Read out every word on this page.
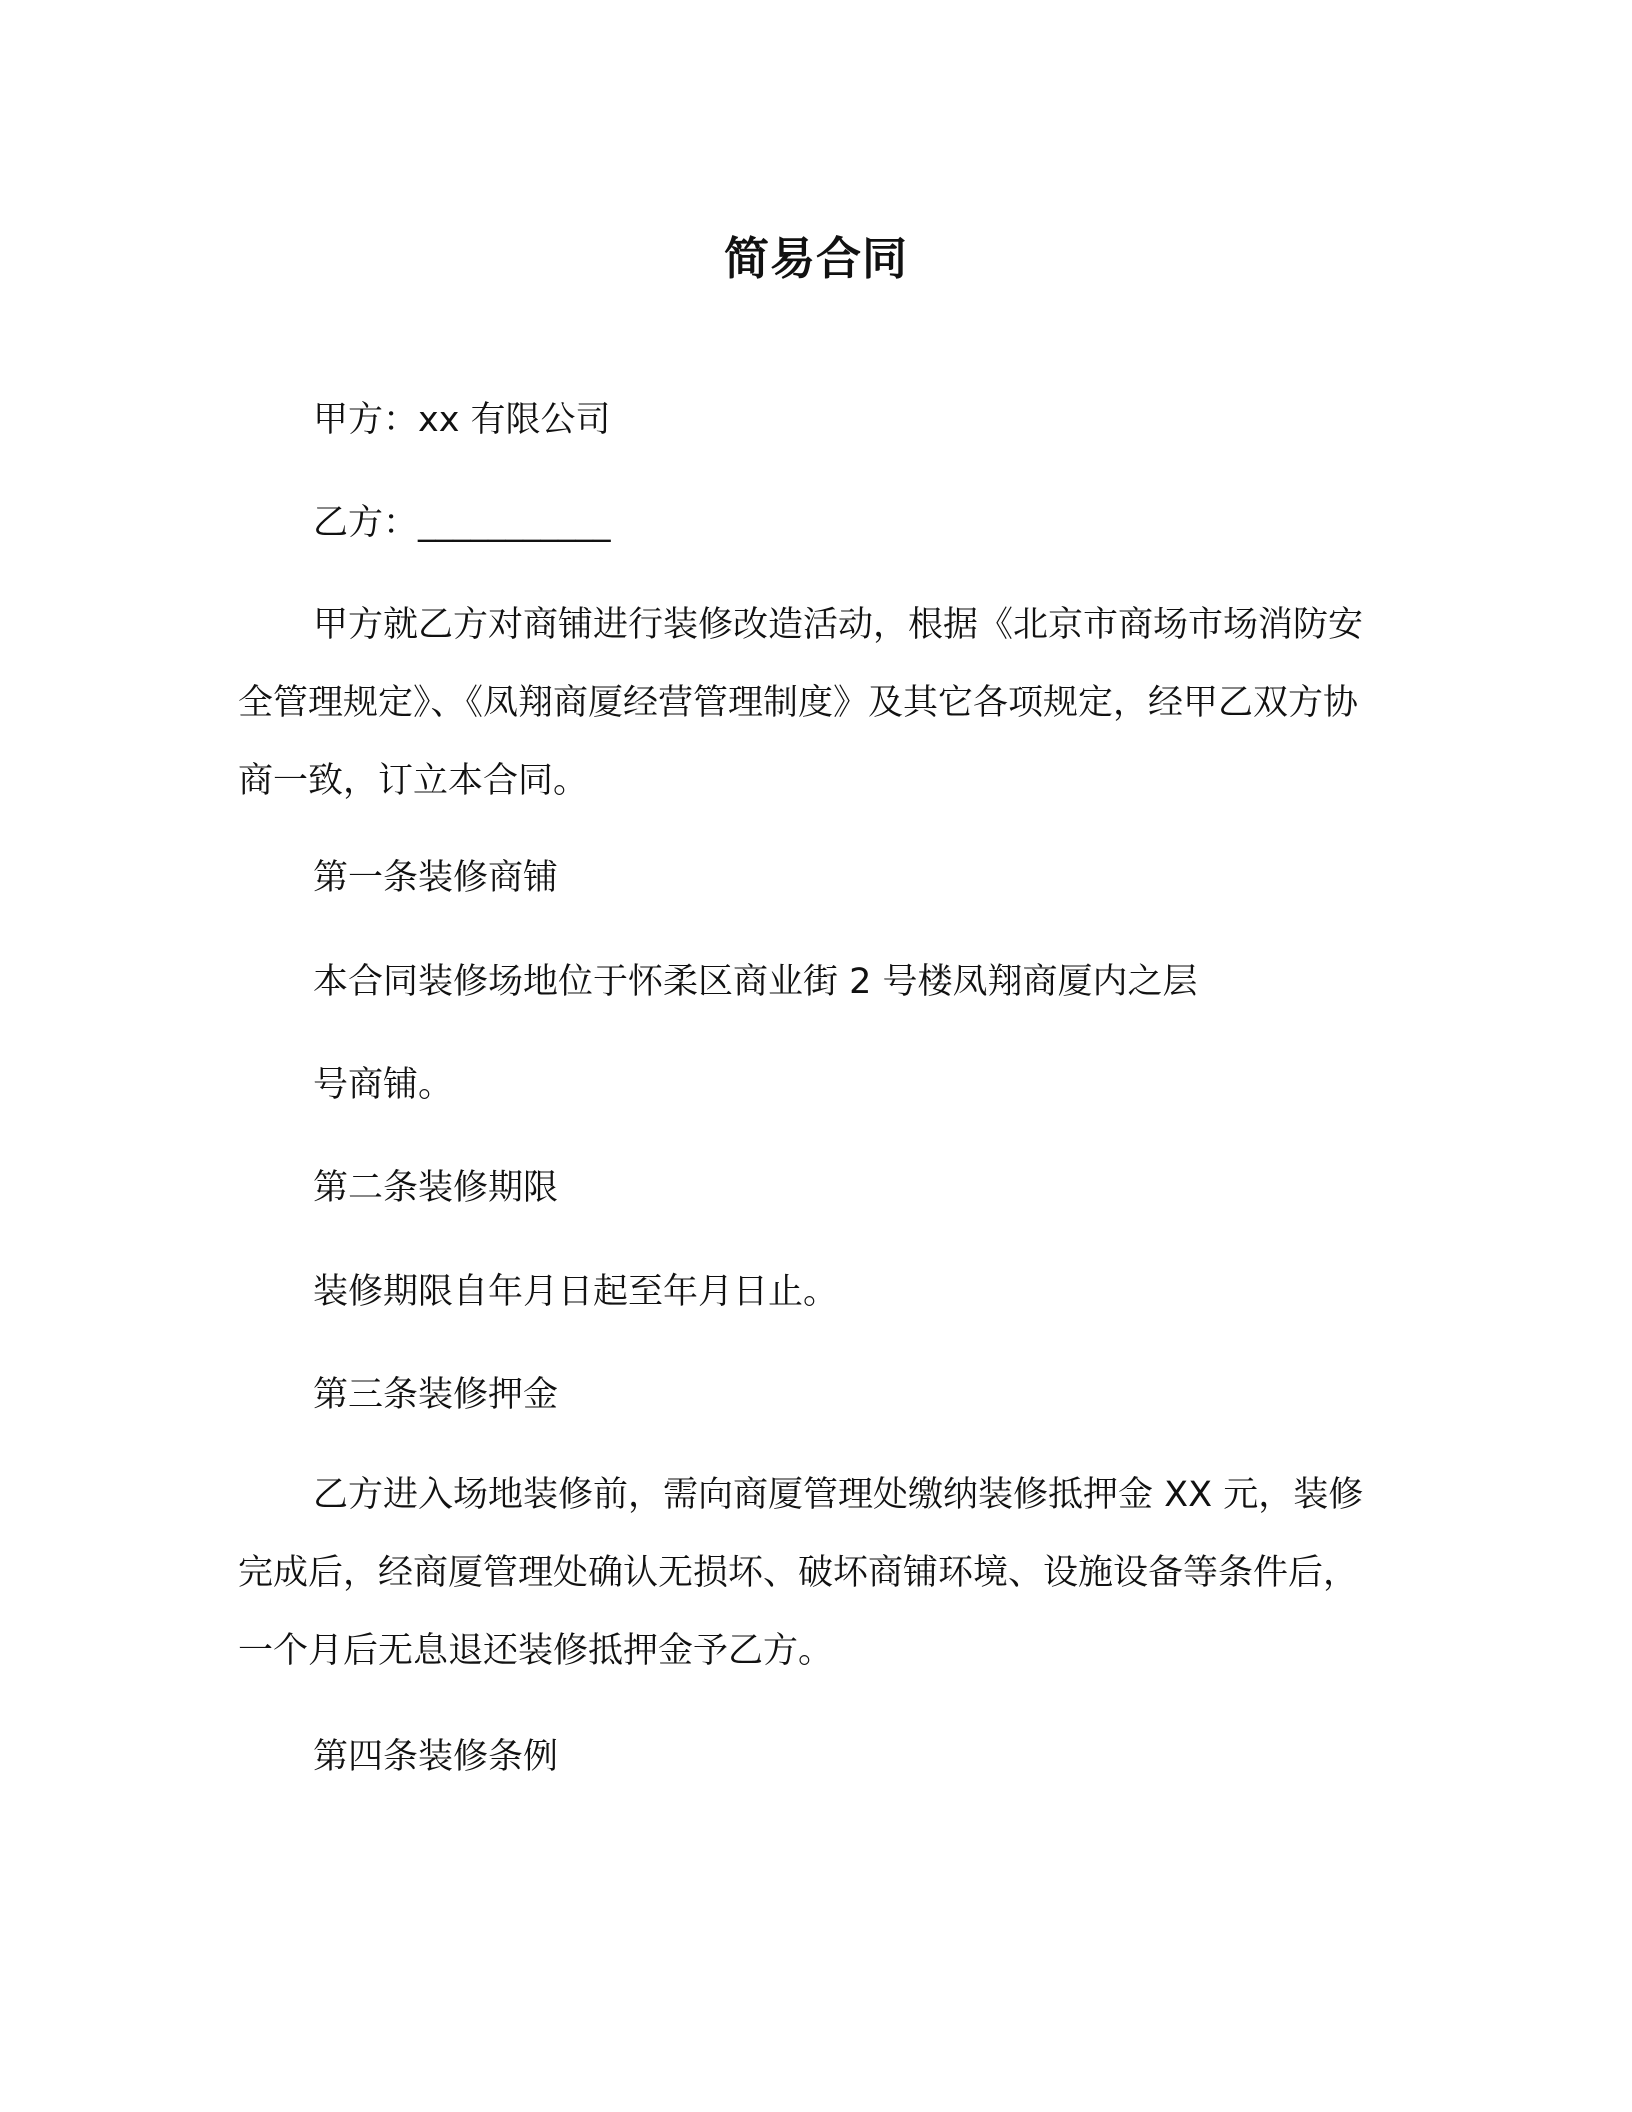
简易合同
甲方：xx 有限公司
乙方：___________
甲方就乙方对商铺进行装修改造活动，根据《北京市商场市场消防安全管理规定》、《凤翔商厦经营管理制度》及其它各项规定，经甲乙双方协商一致，订立本合同。
第一条装修商铺
本合同装修场地位于怀柔区商业街 2 号楼凤翔商厦内之层
号商铺。
第二条装修期限
装修期限自年月日起至年月日止。
第三条装修押金
乙方进入场地装修前，需向商厦管理处缴纳装修抵押金 XX 元，装修完成后，经商厦管理处确认无损坏、破坏商铺环境、设施设备等条件后，一个月后无息退还装修抵押金予乙方。
第四条装修条例
